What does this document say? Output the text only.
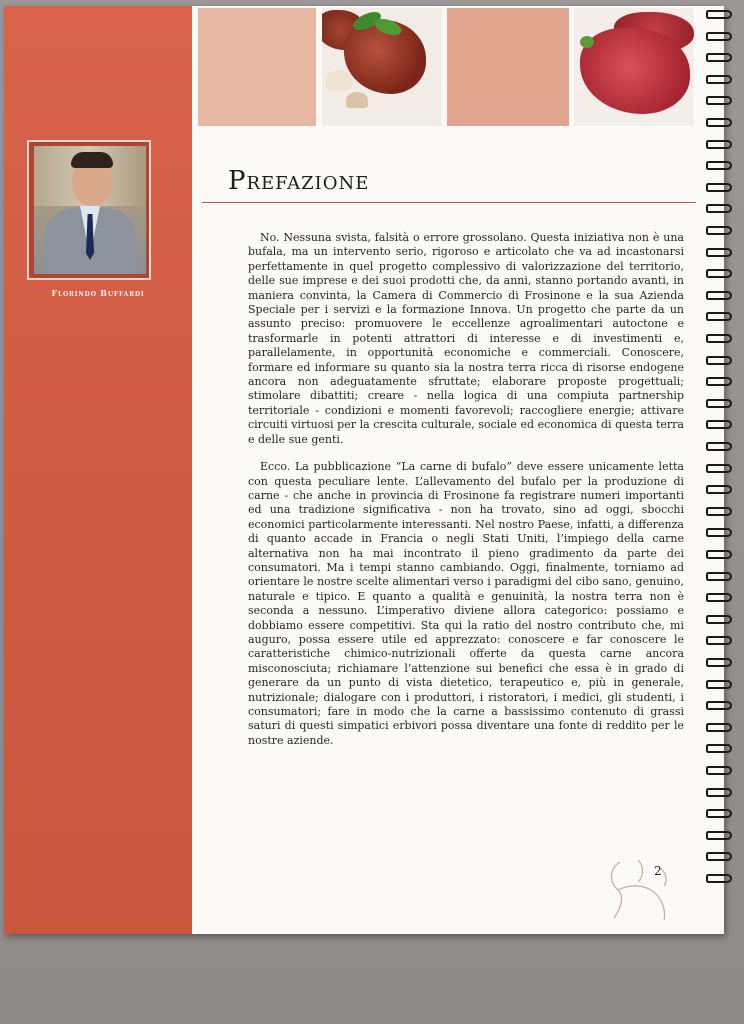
Florindo Buffardi
Prefazione

No. Nessuna svista, falsità o errore grossolano. Questa iniziativa non è una bufala, ma un intervento serio, rigoroso e articolato che va ad incastonarsi perfettamente in quel progetto complessivo di valorizzazione del territorio, delle sue imprese e dei suoi prodotti che, da anni, stanno portando avanti, in maniera convinta, la Camera di Commercio di Frosinone e la sua Azienda Speciale per i servizi e la formazione Innova. Un progetto che parte da un assunto preciso: promuovere le eccellenze agroalimentari autoctone e trasformarle in potenti attrattori di interesse e di investimenti e, parallelamente, in opportunità economiche e commerciali. Conoscere, formare ed informare su quanto sia la nostra terra ricca di risorse endogene ancora non adeguatamente sfruttate; elaborare proposte progettuali; stimolare dibattiti; creare - nella logica di una compiuta partnership territoriale - condizioni e momenti favorevoli; raccogliere energie; attivare circuiti virtuosi per la crescita culturale, sociale ed economica di questa terra e delle sue genti.

Ecco. La pubblicazione “La carne di bufalo” deve essere unicamente letta con questa peculiare lente. L’allevamento del bufalo per la produzione di carne - che anche in provincia di Frosinone fa registrare numeri importanti ed una tradizione significativa - non ha trovato, sino ad oggi, sbocchi economici particolarmente interessanti. Nel nostro Paese, infatti, a differenza di quanto accade in Francia o negli Stati Uniti, l’impiego della carne alternativa non ha mai incontrato il pieno gradimento da parte dei consumatori. Ma i tempi stanno cambiando. Oggi, finalmente, torniamo ad orientare le nostre scelte alimentari verso i paradigmi del cibo sano, genuino, naturale e tipico. E quanto a qualità e genuinità, la nostra terra non è seconda a nessuno. L’imperativo diviene allora categorico: possiamo e dobbiamo essere competitivi. Sta qui la ratio del nostro contributo che, mi auguro, possa essere utile ed apprezzato: conoscere e far conoscere le caratteristiche chimico-nutrizionali offerte da questa carne ancora misconosciuta; richiamare l’attenzione sui benefici che essa è in grado di generare da un punto di vista dietetico, terapeutico e, più in generale, nutrizionale; dialogare con i produttori, i ristoratori, i medici, gli studenti, i consumatori; fare in modo che la carne a bassissimo contenuto di grassi saturi di questi simpatici erbivori possa diventare una fonte di reddito per le nostre aziende.

2
